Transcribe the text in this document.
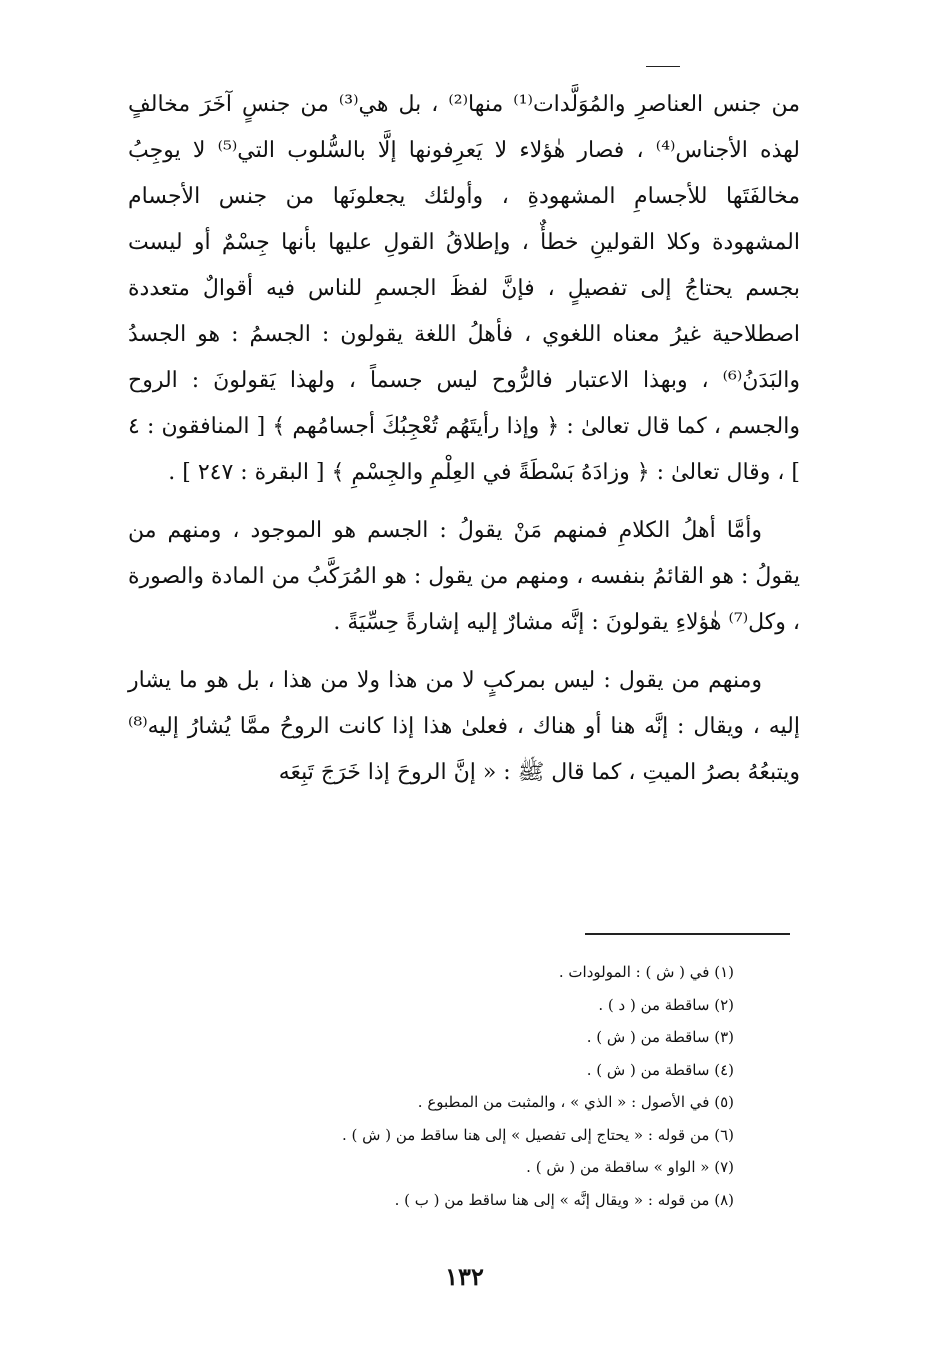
من جنس العناصرِ والمُوَلَّدات⁽¹⁾ منها⁽²⁾ ، بل هي⁽³⁾ من جنسٍ آخَرَ مخالفٍ لهذه الأجناس⁽⁴⁾ ، فصار هٰؤلاء لا يَعرِفونها إلَّا بالسُّلوب التي⁽⁵⁾ لا يوجِبُ مخالفَتَها للأجسامِ المشهودةِ ، وأولئك يجعلونَها من جنس الأجسام المشهودة وكلا القولينِ خطأٌ ، وإطلاقُ القولِ عليها بأنها جِسْمٌ أو ليست بجسم يحتاجُ إلى تفصيلٍ ، فإنَّ لفظَ الجسمِ للناس فيه أقوالٌ متعددة اصطلاحية غيرُ معناه اللغوي ، فأهلُ اللغة يقولون : الجسمُ : هو الجسدُ والبَدَنُ⁽⁶⁾ ، وبهذا الاعتبار فالرُّوح ليس جسماً ، ولهذا يَقولونَ : الروح والجسم ، كما قال تعالىٰ : ﴿ وإذا رأيتَهُم تُعْجِبُكَ أجسامُهم ﴾ [ المنافقون : ٤ ] ، وقال تعالىٰ : ﴿ وزادَهُ بَسْطَةً في العِلْمِ والجِسْمِ ﴾ [ البقرة : ٢٤٧ ] .

وأمَّا أهلُ الكلامِ فمنهم مَنْ يقولُ : الجسم هو الموجود ، ومنهم من يقولُ : هو القائمُ بنفسه ، ومنهم من يقول : هو المُرَكَّبُ من المادة والصورة ، وكل⁽⁷⁾ هٰؤلاءِ يقولونَ : إنَّه مشارٌ إليه إشارةً حِسِّيَةً .

ومنهم من يقول : ليس بمركبٍ لا من هذا ولا من هذا ، بل هو ما يشار إليه ، ويقال : إنَّه هنا أو هناك ، فعلىٰ هذا إذا كانت الروحُ ممَّا يُشارُ إليه⁽⁸⁾ ويتبعُهُ بصرُ الميتِ ، كما قال ﷺ : « إنَّ الروحَ إذا خَرَجَ تَبِعَه

(١) في ( ش ) : المولودات .
(٢) ساقطة من ( د ) .
(٣) ساقطة من ( ش ) .
(٤) ساقطة من ( ش ) .
(٥) في الأصول : « الذي » ، والمثبت من المطبوع .
(٦) من قوله : « يحتاج إلى تفصيل » إلى هنا ساقط من ( ش ) .
(٧) « الواو » ساقطة من ( ش ) .
(٨) من قوله : « ويقال إنَّه » إلى هنا ساقط من ( ب ) .
١٣٢
